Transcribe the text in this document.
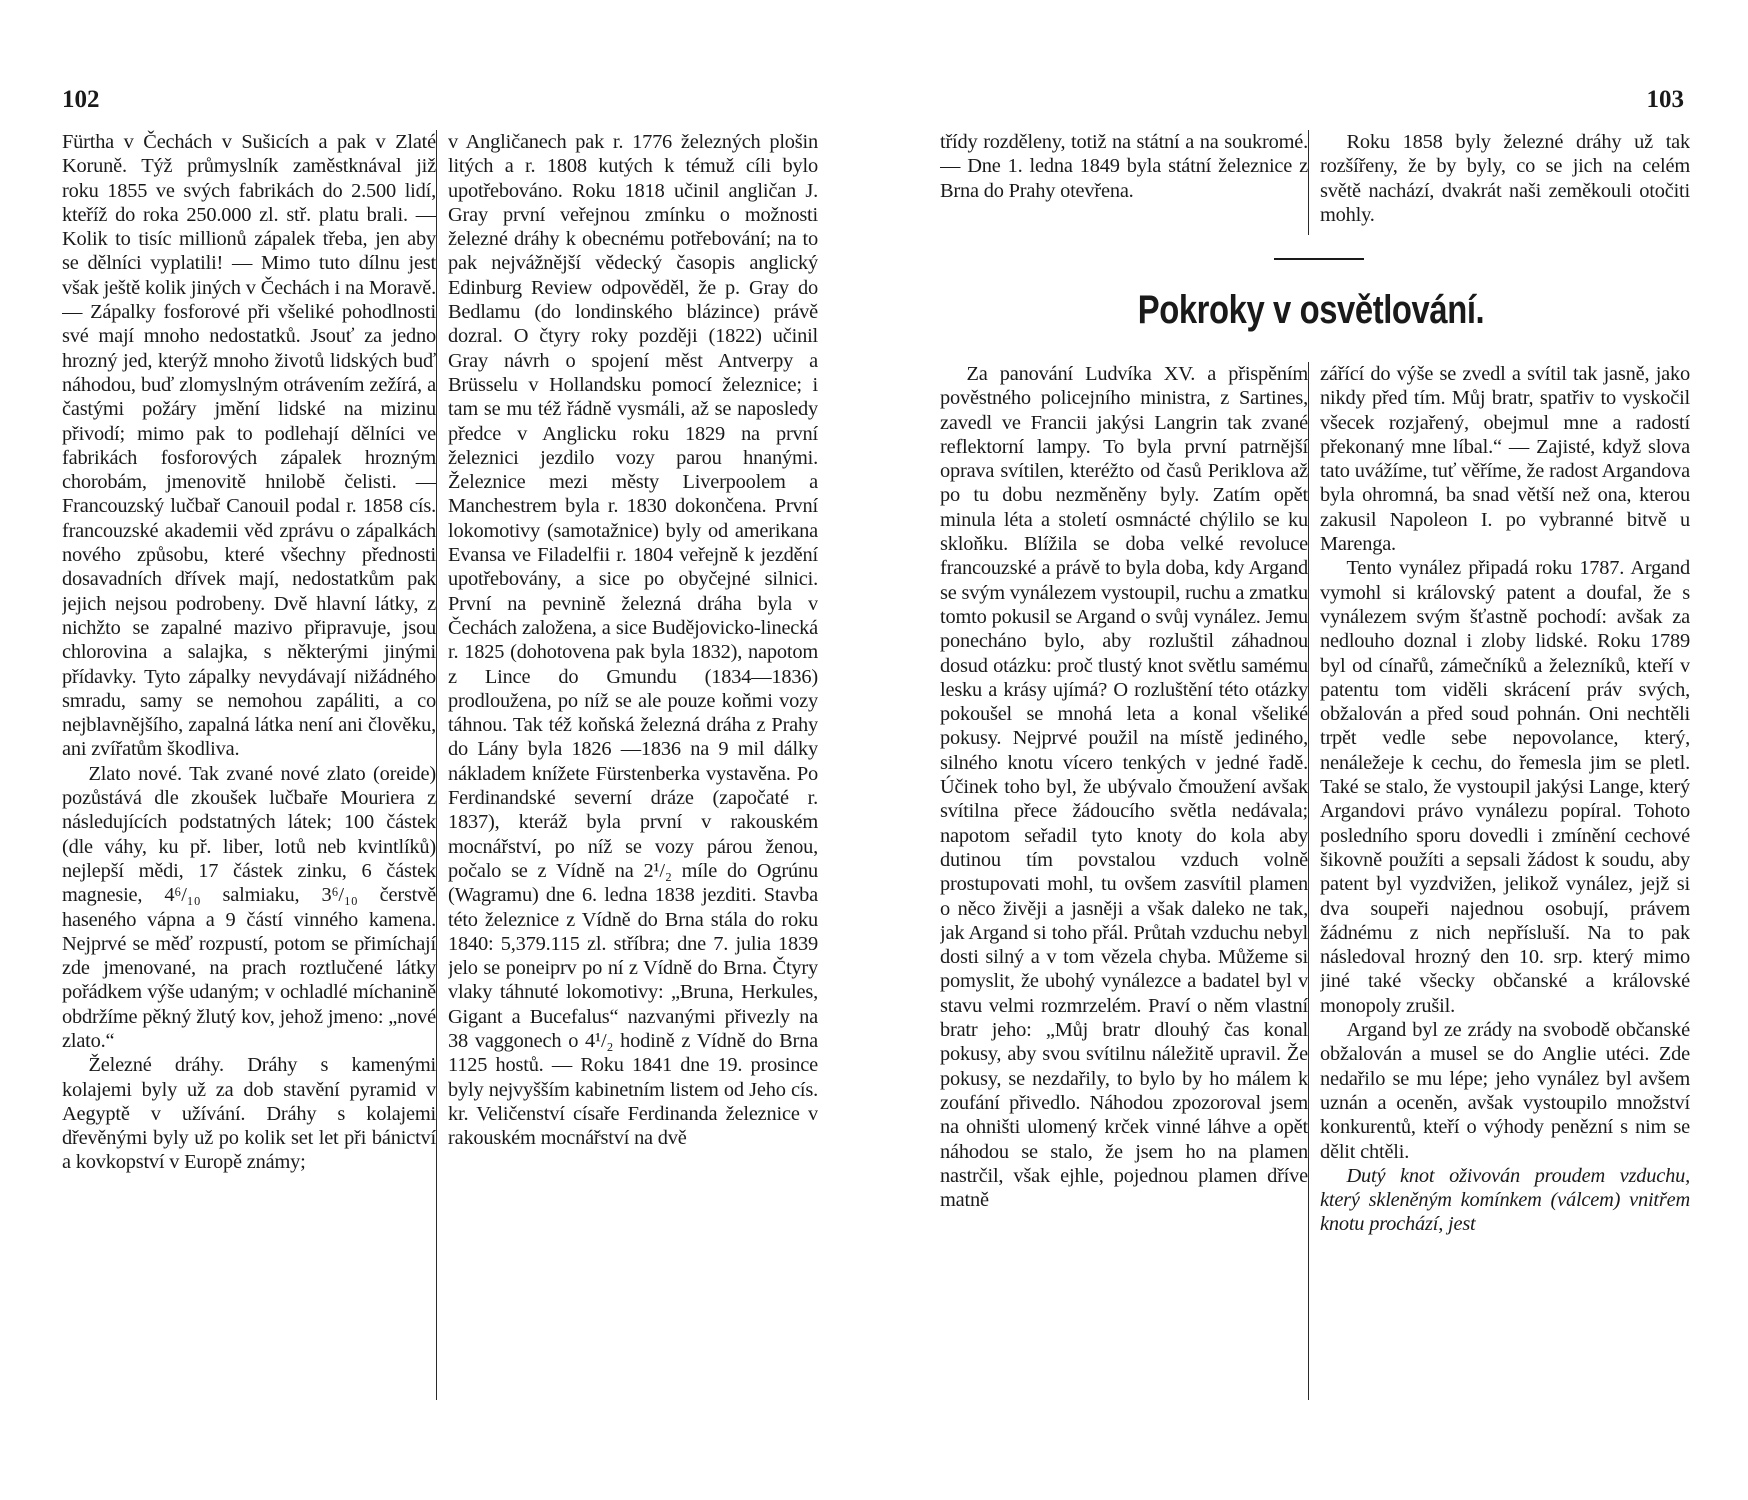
102

Fürtha v Čechách v Sušicích a pak v Zlaté Koruně. Týž průmyslník zaměstknával již roku 1855 ve svých fabrikách do 2.500 lidí, kteříž do roka 250.000 zl. stř. platu brali. — Kolik to tisíc millionů zápalek třeba, jen aby se dělníci vyplatili! — Mimo tuto dílnu jest však ještě kolik jiných v Čechách i na Moravě. — Zápalky fosforové při všeliké pohodlnosti své mají mnoho nedostatků. Jsouť za jedno hrozný jed, kterýž mnoho životů lidských buď náhodou, buď zlomyslným otrávením zežírá, a častými požáry jmění lidské na mizinu přivodí; mimo pak to podlehají dělníci ve fabrikách fosforových zápalek hrozným chorobám, jmenovitě hnilobě čelisti. — Francouzský lučbař Canouil podal r. 1858 cís. francouzské akademii věd zprávu o zápalkách nového způsobu, které všechny přednosti dosavadních dřívek mají, nedostatkům pak jejich nejsou podrobeny. Dvě hlavní látky, z nichžto se zapalné mazivo připravuje, jsou chlorovina a salajka, s některými jinými přídavky. Tyto zápalky nevydávají nižádného smradu, samy se nemohou zapáliti, a co nejblavnějšího, zapalná látka není ani člověku, ani zvířatům škodliva.

Zlato nové. Tak zvané nové zlato (oreide) pozůstává dle zkoušek lučbaře Mouriera z následujících podstatných látek; 100 částek (dle váhy, ku př. liber, lotů neb kvintlíků) nejlepší mědi, 17 částek zinku, 6 částek magnesie, 4⁶/₁₀ salmiaku, 3⁶/₁₀ čerstvě haseného vápna a 9 částí vinného kamena. Nejprvé se měď rozpustí, potom se přimíchají zde jmenované, na prach roztlučené látky pořádkem výše udaným; v ochladlé míchanině obdržíme pěkný žlutý kov, jehož jmeno: „nové zlato.“

Železné dráhy. Dráhy s kamenými kolajemi byly už za dob stavění pyramid v Aegyptě v užívání. Dráhy s kolajemi dřevěnými byly už po kolik set let při bánictví a kovkopství v Europě známy;

v Angličanech pak r. 1776 železných plošin litých a r. 1808 kutých k témuž cíli bylo upotřebováno. Roku 1818 učinil angličan J. Gray první veřejnou zmínku o možnosti železné dráhy k obecnému potřebování; na to pak nejvážnější vědecký časopis anglický Edinburg Review odpověděl, že p. Gray do Bedlamu (do londinského blázince) právě dozral. O čtyry roky později (1822) učinil Gray návrh o spojení měst Antverpy a Brüsselu v Hollandsku pomocí železnice; i tam se mu též řádně vysmáli, až se naposledy předce v Anglicku roku 1829 na první železnici jezdilo vozy parou hnanými. Železnice mezi městy Liverpoolem a Manchestrem byla r. 1830 dokončena. První lokomotivy (samotažnice) byly od amerikana Evansa ve Filadelfii r. 1804 veřejně k jezdění upotřebovány, a sice po obyčejné silnici. První na pevnině železná dráha byla v Čechách založena, a sice Budějovicko-linecká r. 1825 (dohotovena pak byla 1832), napotom z Lince do Gmundu (1834—1836) prodloužena, po níž se ale pouze koňmi vozy táhnou. Tak též koňská železná dráha z Prahy do Lány byla 1826 —1836 na 9 mil dálky nákladem knížete Fürstenberka vystavěna. Po Ferdinandské severní dráze (započaté r. 1837), kteráž byla první v rakouském mocnářství, po níž se vozy párou ženou, počalo se z Vídně na 2¹/₂ míle do Ogrúnu (Wagramu) dne 6. ledna 1838 jezditi. Stavba této železnice z Vídně do Brna stála do roku 1840: 5,379.115 zl. stříbra; dne 7. julia 1839 jelo se poneiprv po ní z Vídně do Brna. Čtyry vlaky táhnuté lokomotivy: „Bruna, Herkules, Gigant a Bucefalus“ nazvanými přivezly na 38 vaggonech o 4¹/₂ hodině z Vídně do Brna 1125 hostů. — Roku 1841 dne 19. prosince byly nejvyšším kabinetním listem od Jeho cís. kr. Veličenství císaře Ferdinanda železnice v rakouském mocnářství na dvě

103

třídy rozděleny, totiž na státní a na soukromé. — Dne 1. ledna 1849 byla státní železnice z Brna do Prahy otevřena.

Roku 1858 byly železné dráhy už tak rozšířeny, že by byly, co se jich na celém světě nachází, dvakrát naši zeměkouli otočiti mohly.

Pokroky v osvětlování.

Za panování Ludvíka XV. a přispěním pověstného policejního ministra, z Sartines, zavedl ve Francii jakýsi Langrin tak zvané reflektorní lampy. To byla první patrnější oprava svítilen, kteréžto od časů Periklova až po tu dobu nezměněny byly. Zatím opět minula léta a století osmnácté chýlilo se ku skloňku. Blížila se doba velké revoluce francouzské a právě to byla doba, kdy Argand se svým vynálezem vystoupil, ruchu a zmatku tomto pokusil se Argand o svůj vynález. Jemu ponecháno bylo, aby rozluštil záhadnou dosud otázku: proč tlustý knot světlu samému lesku a krásy ujímá? O rozluštění této otázky pokoušel se mnohá leta a konal všeliké pokusy. Nejprvé použil na místě jediného, silného knotu vícero tenkých v jedné řadě. Účinek toho byl, že ubývalo čmoužení avšak svítilna přece žádoucího světla nedávala; napotom seřadil tyto knoty do kola aby dutinou tím povstalou vzduch volně prostupovati mohl, tu ovšem zasvítil plamen o něco živěji a jasněji a však daleko ne tak, jak Argand si toho přál. Průtah vzduchu nebyl dosti silný a v tom vězela chyba. Můžeme si pomyslit, že ubohý vynálezce a badatel byl v stavu velmi rozmrzelém. Praví o něm vlastní bratr jeho: „Můj bratr dlouhý čas konal pokusy, aby svou svítilnu náležitě upravil. Že pokusy, se nezdařily, to bylo by ho málem k zoufání přivedlo. Náhodou zpozoroval jsem na ohništi ulomený krček vinné láhve a opět náhodou se stalo, že jsem ho na plamen nastrčil, však ejhle, pojednou plamen dříve matně

zářící do výše se zvedl a svítil tak jasně, jako nikdy před tím. Můj bratr, spatřiv to vyskočil všecek rozjařený, obejmul mne a radostí překonaný mne líbal.“ — Zajisté, když slova tato uvážíme, tuť věříme, že radost Argandova byla ohromná, ba snad větší než ona, kterou zakusil Napoleon I. po vybranné bitvě u Marenga.

Tento vynález připadá roku 1787. Argand vymohl si královský patent a doufal, že s vynálezem svým šťastně pochodí: avšak za nedlouho doznal i zloby lidské. Roku 1789 byl od cínařů, zámečníků a železníků, kteří v patentu tom viděli skrácení práv svých, obžalován a před soud pohnán. Oni nechtěli trpět vedle sebe nepovolance, který, nenáležeje k cechu, do řemesla jim se pletl. Také se stalo, že vystoupil jakýsi Lange, který Argandovi právo vynálezu popíral. Tohoto posledního sporu dovedli i zmínění cechové šikovně použíti a sepsali žádost k soudu, aby patent byl vyzdvižen, jelikož vynález, jejž si dva soupeři najednou osobují, právem žádnému z nich nepřísluší. Na to pak následoval hrozný den 10. srp. který mimo jiné také všecky občanské a královské monopoly zrušil.

Argand byl ze zrády na svobodě občanské obžalován a musel se do Anglie utéci. Zde nedařilo se mu lépe; jeho vynález byl avšem uznán a oceněn, avšak vystoupilo množství konkurentů, kteří o výhody penězní s nim se dělit chtěli.

Dutý knot oživován proudem vzduchu, který skleněným komínkem (válcem) vnitřem knotu prochází, jest
